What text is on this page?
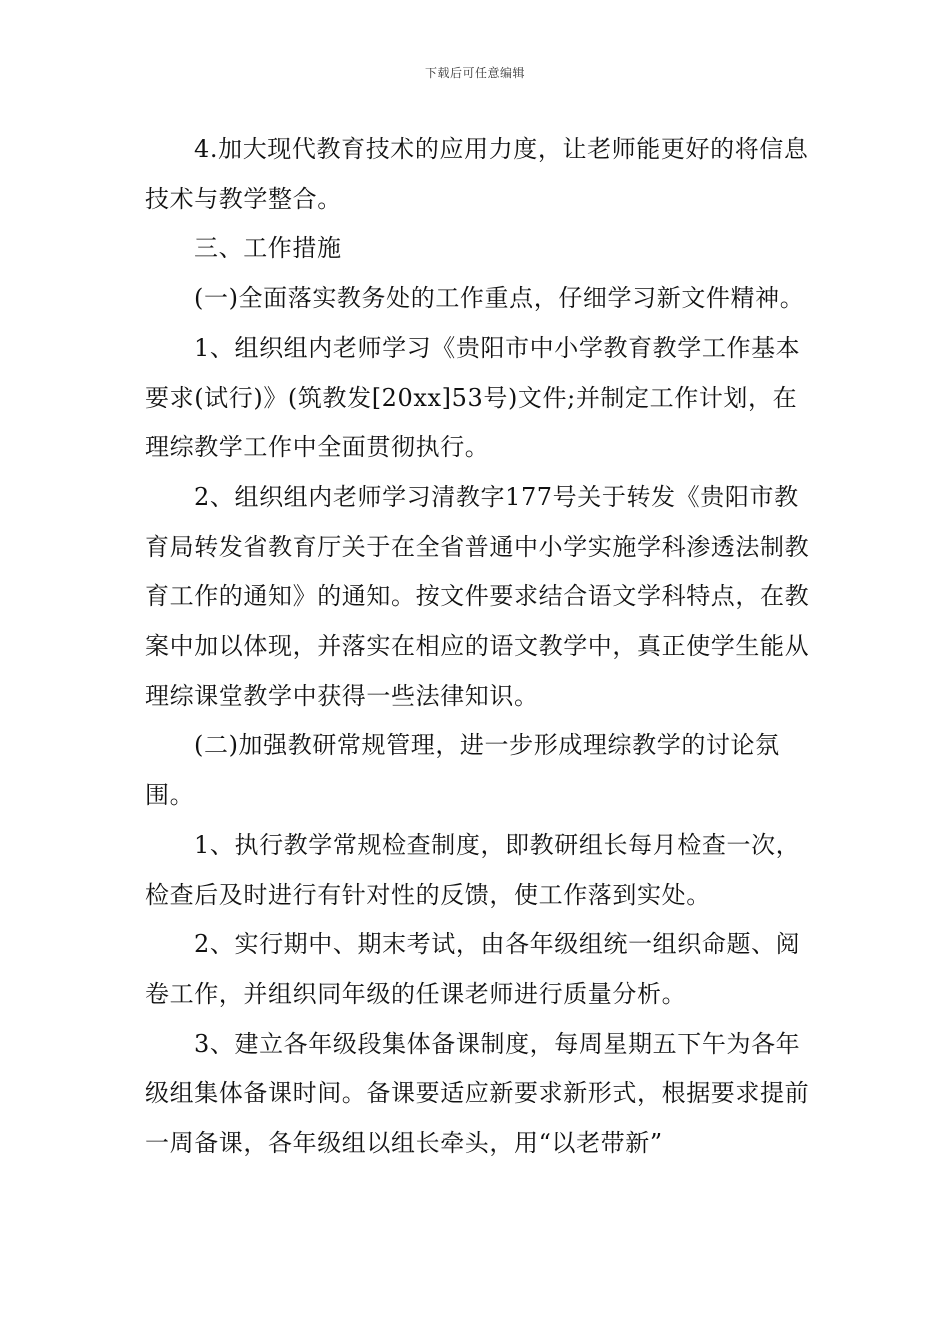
下载后可任意编辑

4.加大现代教育技术的应用力度，让老师能更好的将信息技术与教学整合。

三、工作措施

(一)全面落实教务处的工作重点，仔细学习新文件精神。

1、组织组内老师学习《贵阳市中小学教育教学工作基本要求(试行)》(筑教发[20xx]53号)文件;并制定工作计划，在理综教学工作中全面贯彻执行。

2、组织组内老师学习清教字177号关于转发《贵阳市教育局转发省教育厅关于在全省普通中小学实施学科渗透法制教育工作的通知》的通知。按文件要求结合语文学科特点，在教案中加以体现，并落实在相应的语文教学中，真正使学生能从理综课堂教学中获得一些法律知识。

(二)加强教研常规管理，进一步形成理综教学的讨论氛围。

1、执行教学常规检查制度，即教研组长每月检查一次，检查后及时进行有针对性的反馈，使工作落到实处。

2、实行期中、期末考试，由各年级组统一组织命题、阅卷工作，并组织同年级的任课老师进行质量分析。

3、建立各年级段集体备课制度，每周星期五下午为各年级组集体备课时间。备课要适应新要求新形式，根据要求提前一周备课，各年级组以组长牵头，用“以老带新”
